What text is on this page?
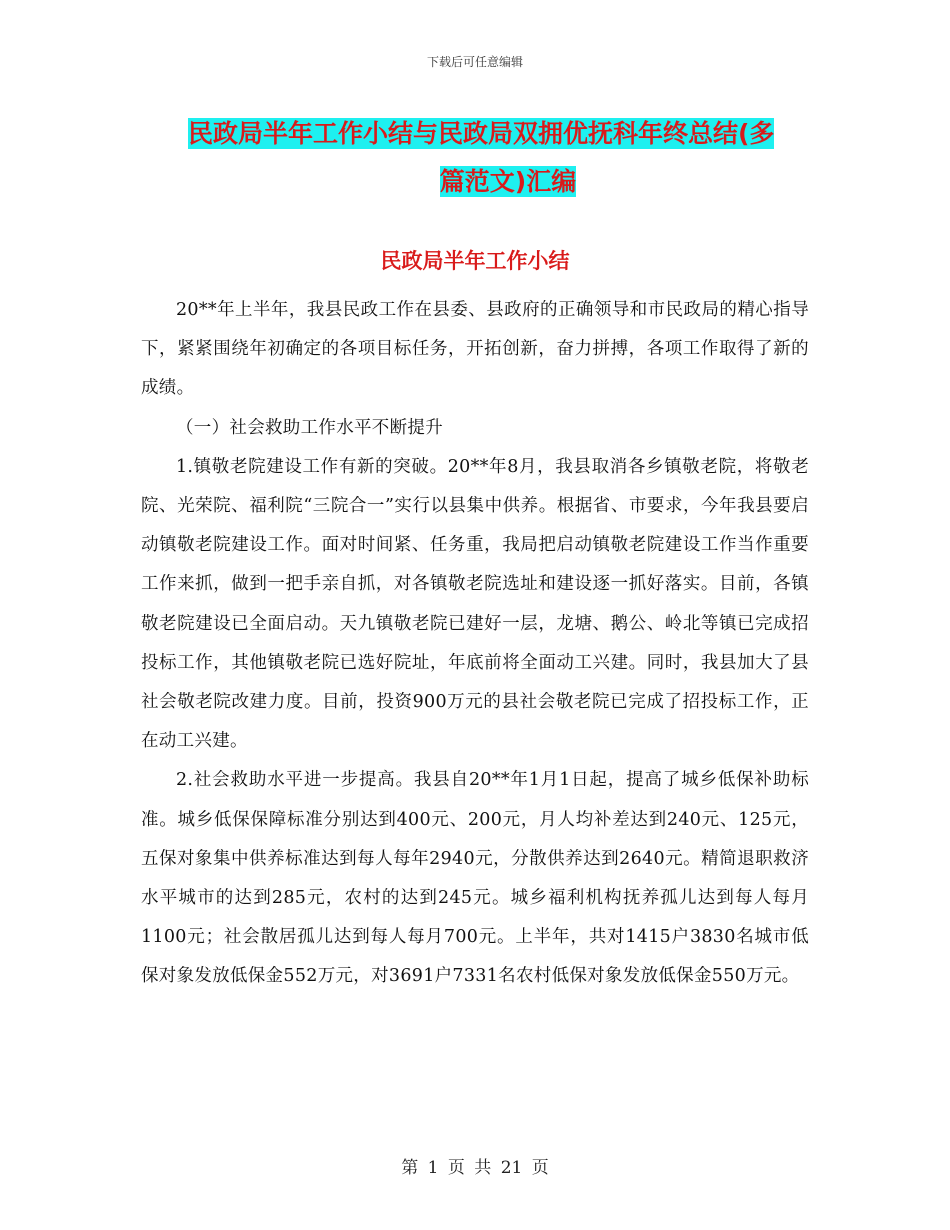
下载后可任意编辑
民政局半年工作小结与民政局双拥优抚科年终总结(多
篇范文)汇编
民政局半年工作小结

20**年上半年，我县民政工作在县委、县政府的正确领导和市民政局的精心指导下，紧紧围绕年初确定的各项目标任务，开拓创新，奋力拼搏，各项工作取得了新的成绩。

（一）社会救助工作水平不断提升

1.镇敬老院建设工作有新的突破。20**年8月，我县取消各乡镇敬老院，将敬老院、光荣院、福利院“三院合一”实行以县集中供养。根据省、市要求，今年我县要启动镇敬老院建设工作。面对时间紧、任务重，我局把启动镇敬老院建设工作当作重要工作来抓，做到一把手亲自抓，对各镇敬老院选址和建设逐一抓好落实。目前，各镇敬老院建设已全面启动。天九镇敬老院已建好一层，龙塘、鹅公、岭北等镇已完成招投标工作，其他镇敬老院已选好院址，年底前将全面动工兴建。同时，我县加大了县社会敬老院改建力度。目前，投资900万元的县社会敬老院已完成了招投标工作，正在动工兴建。

2.社会救助水平进一步提高。我县自20**年1月1日起，提高了城乡低保补助标准。城乡低保保障标准分别达到400元、200元，月人均补差达到240元、125元，五保对象集中供养标准达到每人每年2940元，分散供养达到2640元。精简退职救济水平城市的达到285元，农村的达到245元。城乡福利机构抚养孤儿达到每人每月1100元；社会散居孤儿达到每人每月700元。上半年，共对1415户3830名城市低保对象发放低保金552万元，对3691户7331名农村低保对象发放低保金550万元。

第 1 页 共 21 页
